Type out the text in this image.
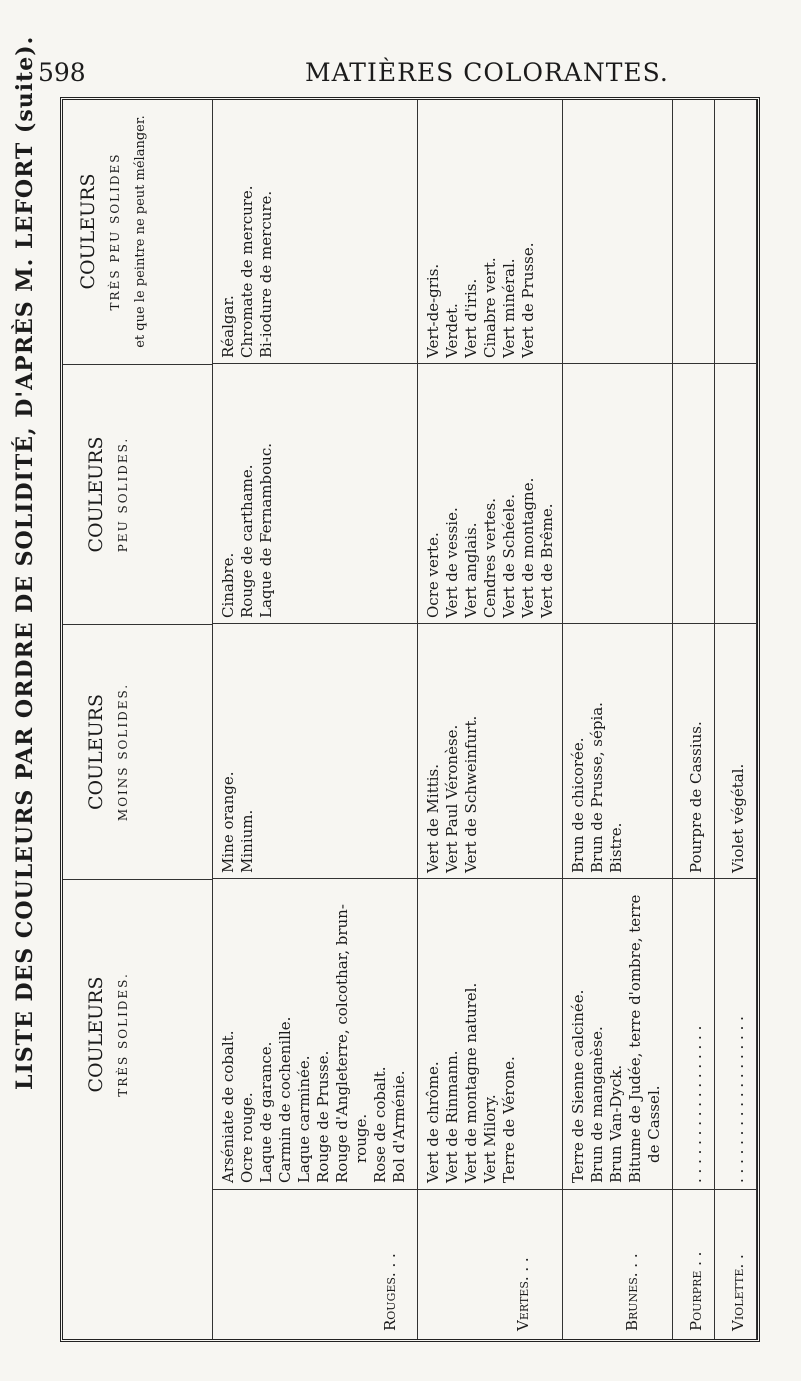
598	MATIÈRES COLORANTES.
LISTE DES COULEURS PAR ORDRE DE SOLIDITÉ, D'APRÈS M. LEFORT (suite). COULEURS TRÈS SOLIDES.
COULEURS MOINS SOLIDES.
COULEURS PEU SOLIDES.
COULEURS TRÈS PEU SOLIDES et que le peintre ne peut mélanger.
Rouges. . .
Arséniate de cobalt. Ocre rouge. Laque de garance. Carmin de cochenille. Laque carminée. Rouge de Prusse. Rouge d'Angleterre, colcothar, brun- rouge. Rose de cobalt. Bol d'Arménie.
Mine orange. Minium.
Cinabre. Rouge de carthame. Laque de Fernambouc.
Réalgar. Chromate de mercure. Bi-iodure de mercure.
Vertes. . .
Vert de chrôme. Vert de Rinmann. Vert de montagne naturel. Vert Milory. Terre de Vérone.
Vert de Mittis. Vert Paul Véronèse. Vert de Schweinfurt.
Ocre verte. Vert de vessie. Vert anglais. Cendres vertes. Vert de Schéele. Vert de montagne. Vert de Brême.
Vert-de-gris. Verdet. Vert d'iris. Cinabre vert. Vert minéral. Vert de Prusse.
Brunes. . .
Terre de Sienne calcinée. Brun de manganèse. Brun Van-Dyck. Bitume de Judée, terre d'ombre, terre de Cassel.
Brun de chicorée. Brun de Prusse, sépia. Bistre.
Pourpre . .
. . . . . . . . . . . . . . . . .
Pourpre de Cassius.
Violette. .
. . . . . . . . . . . . . . . . . .
Violet végétal.
